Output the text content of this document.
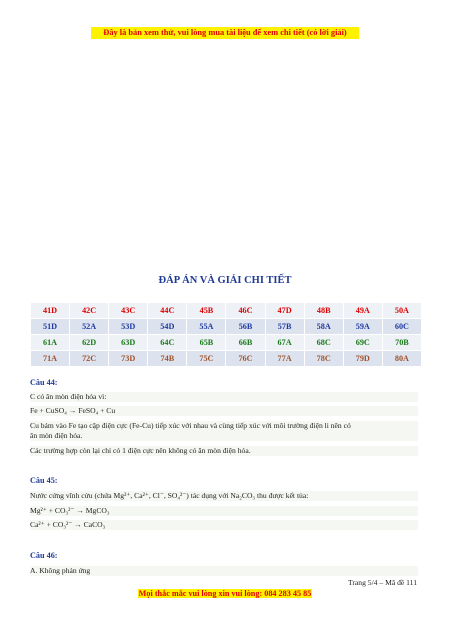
Đây là bản xem thử, vui lòng mua tài liệu để xem chi tiết (có lời giải)
ĐÁP ÁN VÀ GIẢI CHI TIẾT
41D	42C	43C	44C	45B	46C	47D	48B	49A	50A
51D	52A	53D	54D	55A	56B	57B	58A	59A	60C
61A	62D	63D	64C	65B	66B	67A	68C	69C	70B
71A	72C	73D	74B	75C	76C	77A	78C	79D	80A
Câu 44:
C có ăn mòn điện hóa vì:
Fe + CuSO₄ → FeSO₄ + Cu
Cu bám vào Fe tạo cặp điện cực (Fe-Cu) tiếp xúc với nhau và cùng tiếp xúc với môi trường điện li nên có
ăn mòn điện hóa.
Các trường hợp còn lại chỉ có 1 điện cực nên không có ăn mòn điện hóa.
Câu 45:
Nước cứng vĩnh cửu (chứa Mg²⁺, Ca²⁺, Cl⁻, SO₄²⁻) tác dụng với Na₂CO₃ thu được kết tủa:
Mg²⁺ + CO₃²⁻ → MgCO₃
Ca²⁺ + CO₃²⁻ → CaCO₃
Câu 46:
A. Không phản ứng
Trang 5/4 – Mã đề 111
Mọi thắc mắc vui lòng xin vui lòng: 084 283 45 85
